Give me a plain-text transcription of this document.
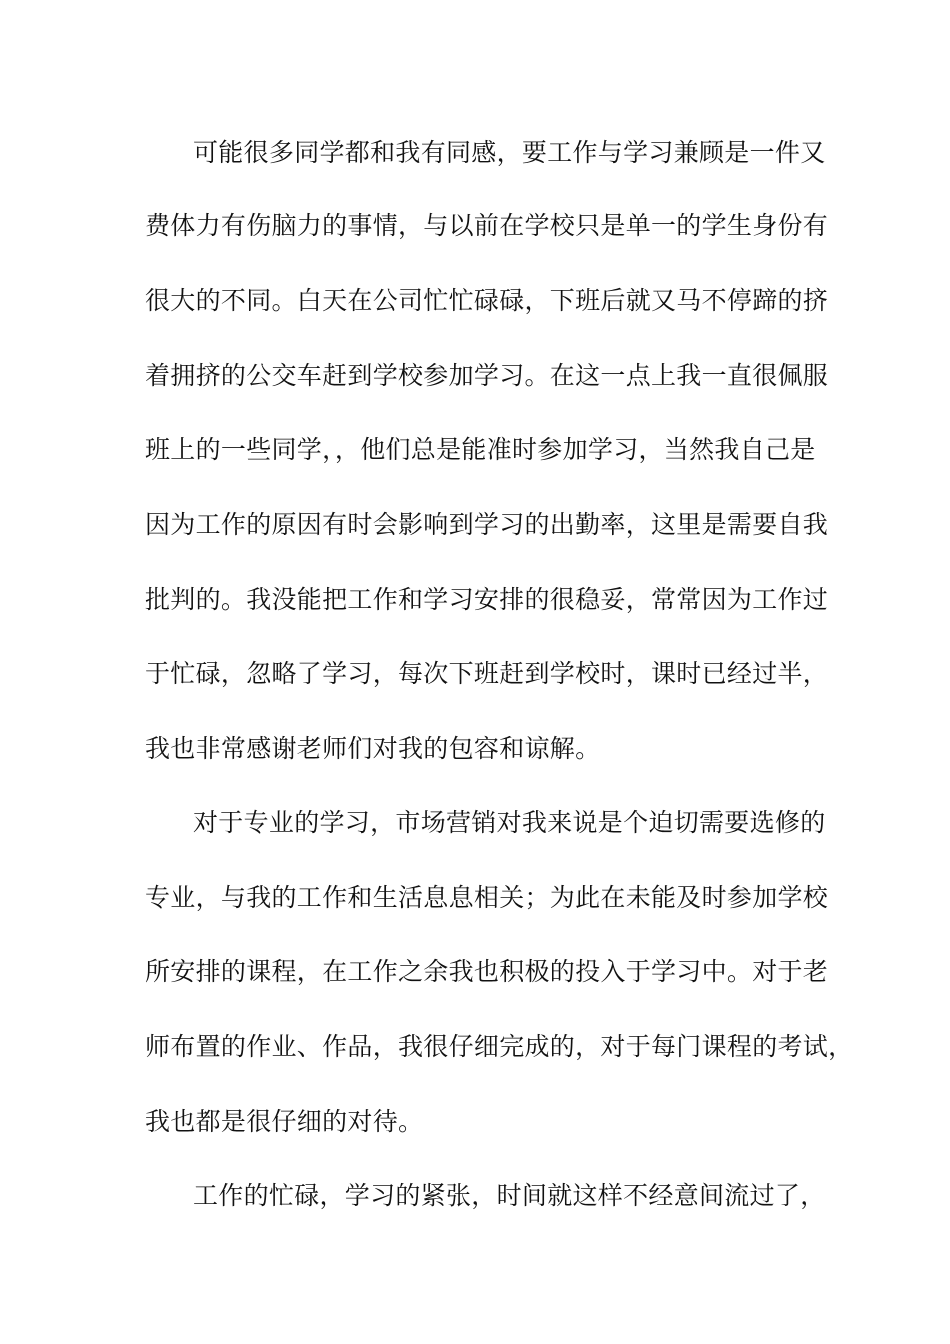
可能很多同学都和我有同感，要工作与学习兼顾是一件又
费体力有伤脑力的事情，与以前在学校只是单一的学生身份有
很大的不同。白天在公司忙忙碌碌，下班后就又马不停蹄的挤
着拥挤的公交车赶到学校参加学习。在这一点上我一直很佩服
班上的一些同学，，他们总是能准时参加学习，当然我自己是
因为工作的原因有时会影响到学习的出勤率，这里是需要自我
批判的。我没能把工作和学习安排的很稳妥，常常因为工作过
于忙碌，忽略了学习，每次下班赶到学校时，课时已经过半，
我也非常感谢老师们对我的包容和谅解。
对于专业的学习，市场营销对我来说是个迫切需要选修的
专业，与我的工作和生活息息相关；为此在未能及时参加学校
所安排的课程，在工作之余我也积极的投入于学习中。对于老
师布置的作业、作品，我很仔细完成的，对于每门课程的考试，
我也都是很仔细的对待。
工作的忙碌，学习的紧张，时间就这样不经意间流过了，
